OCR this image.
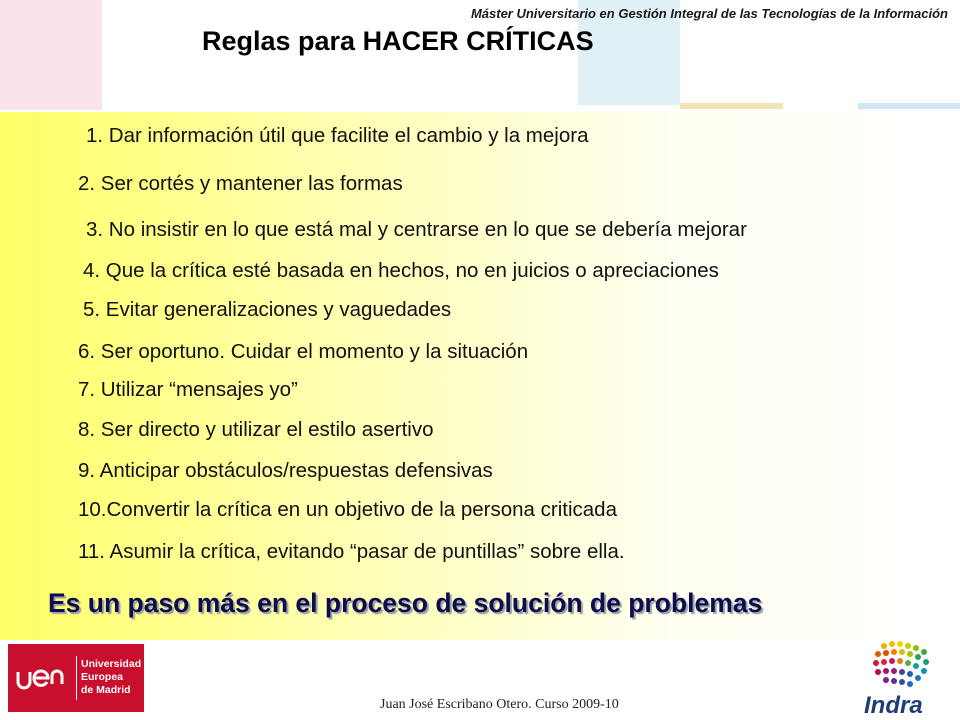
Máster Universitario en Gestión Integral de las Tecnologías de la Información
Reglas para HACER CRÍTICAS
1. Dar información útil que facilite el cambio y la mejora
2. Ser cortés y mantener las formas
3. No insistir en lo que está mal y centrarse en lo que se debería mejorar
4. Que la crítica esté basada en hechos, no en juicios o apreciaciones
5. Evitar generalizaciones y vaguedades
6. Ser oportuno. Cuidar el momento y la situación
7. Utilizar “mensajes yo”
8. Ser directo y utilizar el estilo asertivo
9. Anticipar obstáculos/respuestas defensivas
10.Convertir la crítica en un objetivo de la persona criticada
11. Asumir la crítica, evitando “pasar de puntillas” sobre ella.
Es un paso más en el proceso de solución de problemas
Universidad
Europea
de Madrid
Juan José Escribano Otero. Curso 2009-10	Indra
